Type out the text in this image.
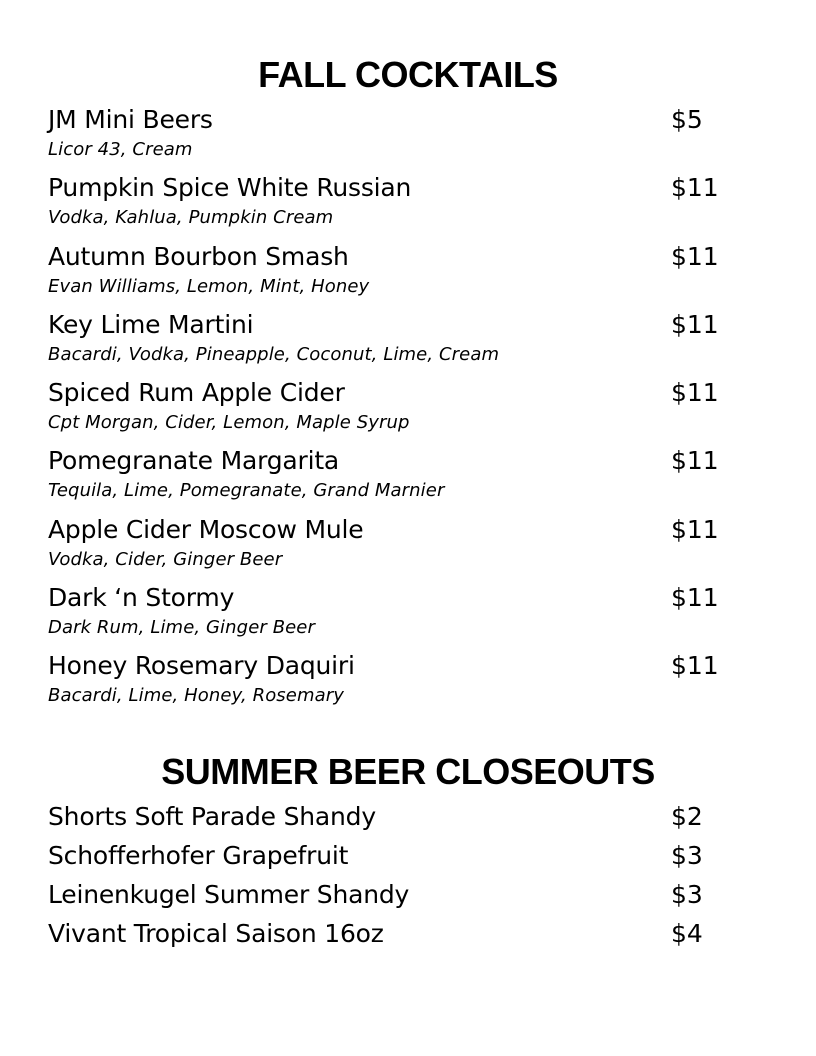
FALL COCKTAILS
JM Mini Beers	$5
Licor 43, Cream
Pumpkin Spice White Russian	$11
Vodka, Kahlua, Pumpkin Cream
Autumn Bourbon Smash	$11
Evan Williams, Lemon, Mint, Honey
Key Lime Martini	$11
Bacardi, Vodka, Pineapple, Coconut, Lime, Cream
Spiced Rum Apple Cider	$11
Cpt Morgan, Cider, Lemon, Maple Syrup
Pomegranate Margarita	$11
Tequila, Lime, Pomegranate, Grand Marnier
Apple Cider Moscow Mule	$11
Vodka, Cider, Ginger Beer
Dark ‘n Stormy	$11
Dark Rum, Lime, Ginger Beer
Honey Rosemary Daquiri	$11
Bacardi, Lime, Honey, Rosemary
SUMMER BEER CLOSEOUTS
Shorts Soft Parade Shandy	$2
Schofferhofer Grapefruit	$3
Leinenkugel Summer Shandy	$3
Vivant Tropical Saison 16oz	$4
